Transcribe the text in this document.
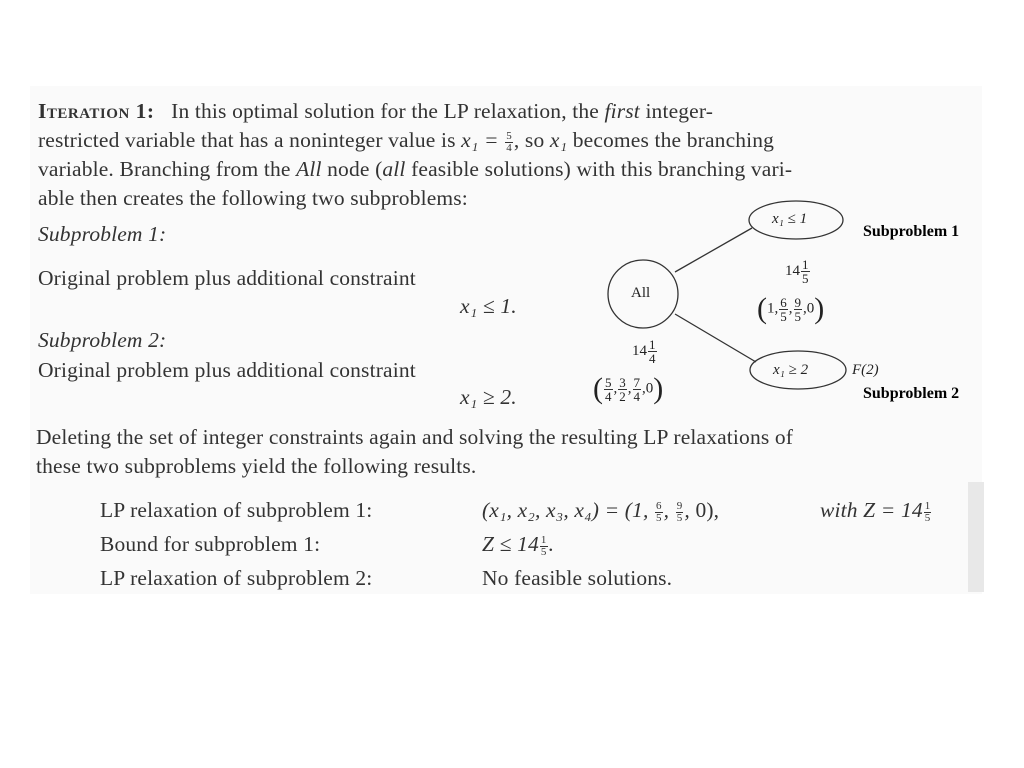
Iteration 1: In this optimal solution for the LP relaxation, the first integer-
restricted variable that has a noninteger value is $x_1 = \frac{5}{4}$ , so x₁ becomes the branching
variable. Branching from the All node (all feasible solutions) with this branching vari-
able then creates the following two subproblems:
Subproblem 1:
Original problem plus additional constraint
x₁ ≤ 1.
Subproblem 2:
Original problem plus additional constraint
x₁ ≥ 2.
All
$14 \frac{1}{4}$
( $\frac{5}{4}$ , $\frac{3}{2}$ , $\frac{7}{4} ,0$)
x₁ ≤ 1
$14 \frac{1}{5}$
(1, $\frac{6}{5}$ , $\frac{9}{5} ,0$)
x₁ ≥ 2	F(2)
Subproblem 1
Subproblem 2
Deleting the set of integer constraints again and solving the resulting LP relaxations of
these two subproblems yield the following results.
LP relaxation of subproblem 1:	(x₁, x₂, x₃, x₄) = (1, $\frac{6}{5}$ , $\frac{9}{5}$ , 0),	with $Z = 14 \frac{1}{5}$
Bound for subproblem 1:	$Z \le 14 \frac{1}{5}$ .
LP relaxation of subproblem 2:	No feasible solutions.
